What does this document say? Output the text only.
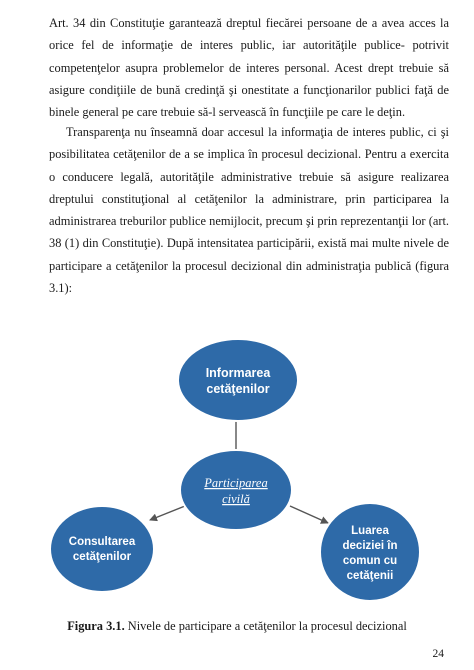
Art. 34 din Constituţie garantează dreptul fiecărei persoane de a avea acces la orice fel de informaţie de interes public, iar autorităţile publice- potrivit competenţelor asupra problemelor de interes personal. Acest drept trebuie să asigure condiţiile de bună credinţă şi onestitate a funcţionarilor publici faţă de binele general pe care trebuie să-l servească în funcţiile pe care le deţin.

Transparenţa nu înseamnă doar accesul la informaţia de interes public, ci şi posibilitatea cetăţenilor de a se implica în procesul decizional. Pentru a exercita o conducere legală, autorităţile administrative trebuie să asigure realizarea dreptului constituţional al cetăţenilor la administrare, prin participarea la administrarea treburilor publice nemijlocit, precum şi prin reprezentanţii lor (art. 38 (1) din Constituţie). După intensitatea participării, există mai multe nivele de participare a cetăţenilor la procesul decizional din administraţia publică (figura 3.1):

Informarea
cetăţenilor
Participarea
civilă
Consultarea
cetăţenilor
Luarea
deciziei în
comun cu
cetăţenii

Figura 3.1. Nivele de participare a cetăţenilor la procesul decizional

24
